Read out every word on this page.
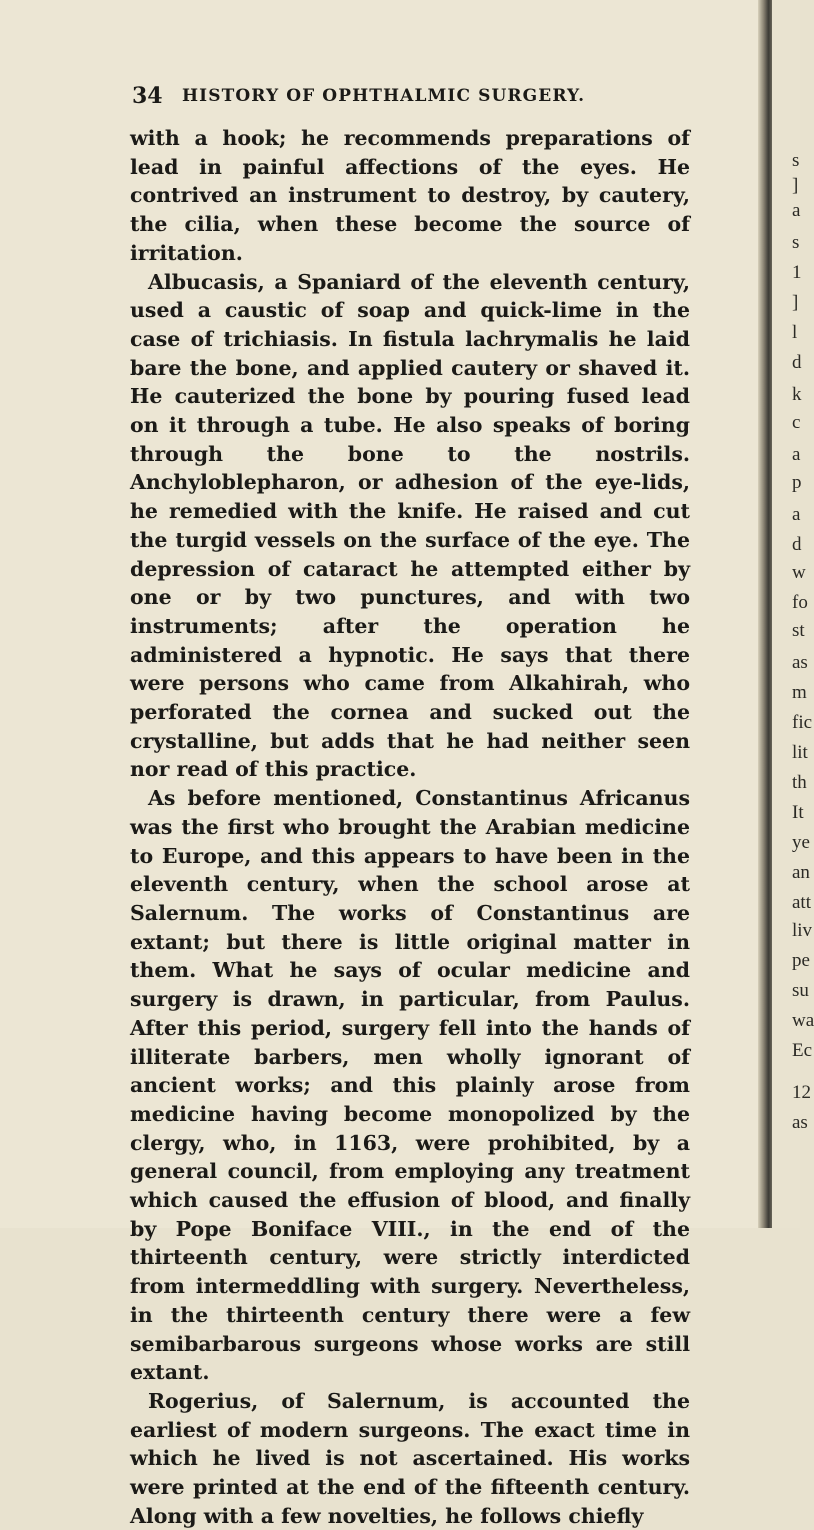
34 HISTORY OF OPHTHALMIC SURGERY.

with a hook; he recommends preparations of lead in painful affections of the eyes. He contrived an instrument to destroy, by cautery, the cilia, when these become the source of irritation.

Albucasis, a Spaniard of the eleventh century, used a caustic of soap and quick-lime in the case of trichiasis. In fistula lachrymalis he laid bare the bone, and applied cautery or shaved it. He cauterized the bone by pouring fused lead on it through a tube. He also speaks of boring through the bone to the nostrils. Anchyloblepharon, or adhesion of the eye-lids, he remedied with the knife. He raised and cut the turgid vessels on the surface of the eye. The depression of cataract he attempted either by one or by two punctures, and with two instruments; after the operation he administered a hypnotic. He says that there were persons who came from Alkahirah, who perforated the cornea and sucked out the crystalline, but adds that he had neither seen nor read of this practice.

As before mentioned, Constantinus Africanus was the first who brought the Arabian medicine to Europe, and this appears to have been in the eleventh century, when the school arose at Salernum. The works of Constantinus are extant; but there is little original matter in them. What he says of ocular medicine and surgery is drawn, in particular, from Paulus. After this period, surgery fell into the hands of illiterate barbers, men wholly ignorant of ancient works; and this plainly arose from medicine having become monopolized by the clergy, who, in 1163, were prohibited, by a general council, from employing any treatment which caused the effusion of blood, and finally by Pope Boniface VIII., in the end of the thirteenth century, were strictly interdicted from intermeddling with surgery. Nevertheless, in the thirteenth century there were a few semibarbarous surgeons whose works are still extant.

Rogerius, of Salernum, is accounted the earliest of modern surgeons. The exact time in which he lived is not ascertained. His works were printed at the end of the fifteenth century. Along with a few novelties, he follows chiefly

s
]
a
s
1
]
l
d
k
c
a
p
a
d
w
fo
st
as
m
fic
lit
th
It
ye
an
att
liv
pe
su
wa
Ec
12
as
